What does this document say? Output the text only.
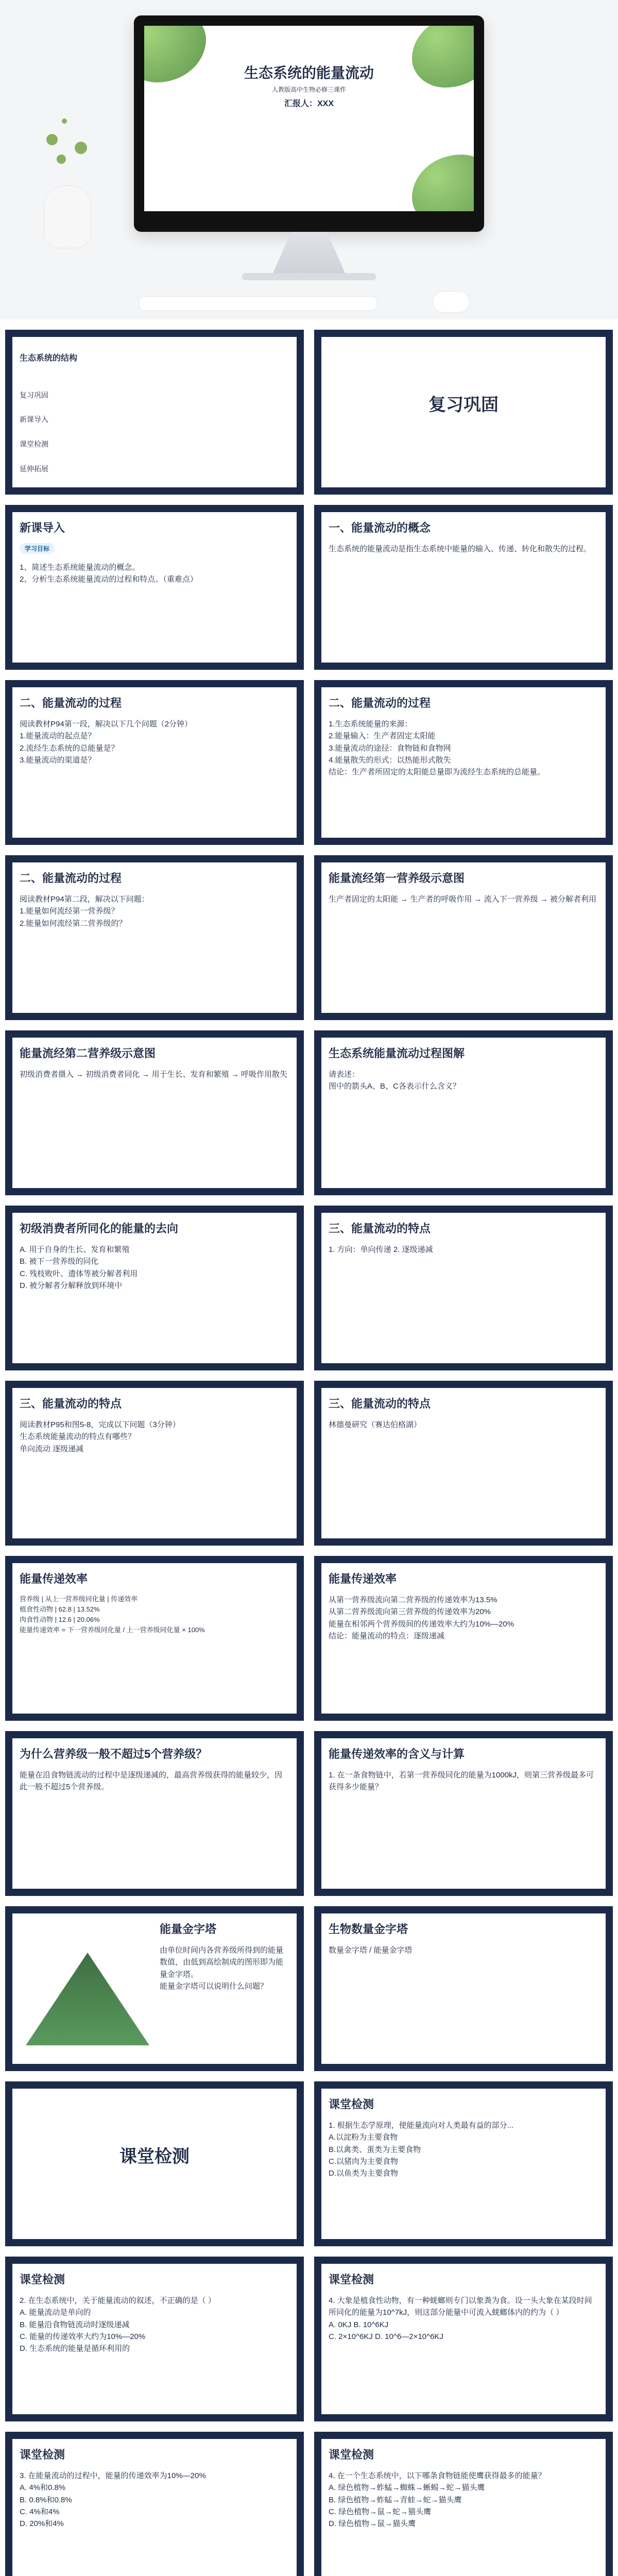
生态系统的能量流动
人教版高中生物必修三课件
汇报人：XXX
生态系统的结构

复习巩固

新课导入

课堂检测

延伸拓展

复习巩固
新课导入
学习目标
1、简述生态系统能量流动的概念。
2、分析生态系统能量流动的过程和特点。（重难点）
一、能量流动的概念
生态系统的能量流动是指生态系统中能量的输入、传递、转化和散失的过程。
二、能量流动的过程
阅读教材P94第一段，解决以下几个问题（2分钟）
1.能量流动的起点是？
2.流经生态系统的总能量是？
3.能量流动的渠道是？
二、能量流动的过程
1.生态系统能量的来源：
2.能量输入：生产者固定太阳能
3.能量流动的途径：食物链和食物网
4.能量散失的形式：以热能形式散失
结论：生产者所固定的太阳能总量即为流经生态系统的总能量。
二、能量流动的过程
阅读教材P94第二段，解决以下问题：
1.能量如何流经第一营养级？
2.能量如何流经第二营养级的？
能量流经第一营养级示意图
生产者固定的太阳能 → 生产者的呼吸作用 → 流入下一营养级 → 被分解者利用
能量流经第二营养级示意图
初级消费者摄入 → 初级消费者同化 → 用于生长、发育和繁殖 → 呼吸作用散失
生态系统能量流动过程图解
请表述：
图中的箭头A、B、C各表示什么含义？
初级消费者所同化的能量的去向
A. 用于自身的生长、发育和繁殖
B. 被下一营养级的同化
C. 残枝败叶、遗体等被分解者利用
D. 被分解者分解释放到环境中
三、能量流动的特点
1. 方向：单向传递 2. 逐级递减
三、能量流动的特点
阅读教材P95和图5-8，完成以下问题（3分钟）
生态系统能量流动的特点有哪些？
单向流动 逐级递减
三、能量流动的特点
林德曼研究（赛达伯格湖）
能量传递效率
营养级 | 从上一营养级同化量 | 传递效率
植食性动物 | 62.8 | 13.52%
肉食性动物 | 12.6 | 20.06%
能量传递效率 = 下一营养级同化量 / 上一营养级同化量 × 100%
能量传递效率
从第一营养级流向第二营养级的传递效率为13.5%
从第二营养级流向第三营养级的传递效率为20%
能量在相邻两个营养级间的传递效率大约为10%—20%
结论：能量流动的特点：逐级递减
为什么营养级一般不超过5个营养级？
能量在沿食物链流动的过程中是逐级递减的，最高营养级获得的能量较少，因此一般不超过5个营养级。
能量传递效率的含义与计算
1. 在一条食物链中，若第一营养级同化的能量为1000kJ，则第三营养级最多可获得多少能量？
能量金字塔
由单位时间内各营养级所得到的能量数值，由低到高绘制成的图形即为能量金字塔。
能量金字塔可以说明什么问题？
生物数量金字塔
数量金字塔 / 能量金字塔
课堂检测
课堂检测
1. 根据生态学原理，使能量流向对人类最有益的部分...
A.以淀粉为主要食物
B.以禽类、蛋类为主要食物
C.以猪肉为主要食物
D.以鱼类为主要食物
课堂检测
2. 在生态系统中，关于能量流动的叙述，不正确的是（ ）
A. 能量流动是单向的
B. 能量沿食物链流动时逐级递减
C. 能量的传递效率大约为10%—20%
D. 生态系统的能量是循环利用的
课堂检测
4. 大象是植食性动物，有一种蜣螂则专门以象粪为食。设一头大象在某段时间所同化的能量为10^7kJ，则这部分能量中可流入蜣螂体内的约为（ ）
A. 0KJ B. 10^6KJ
C. 2×10^6KJ D. 10^6—2×10^6KJ
课堂检测
3. 在能量流动的过程中，能量的传递效率为10%—20%
A. 4%和0.8%
B. 0.8%和0.8%
C. 4%和4%
D. 20%和4%
课堂检测
4. 在一个生态系统中，以下哪条食物链能使鹰获得最多的能量？
A. 绿色植物→蚱蜢→蜘蛛→蜥蜴→蛇→猫头鹰
B. 绿色植物→蚱蜢→青蛙→蛇→猫头鹰
C. 绿色植物→鼠→蛇→猫头鹰
D. 绿色植物→鼠→猫头鹰
